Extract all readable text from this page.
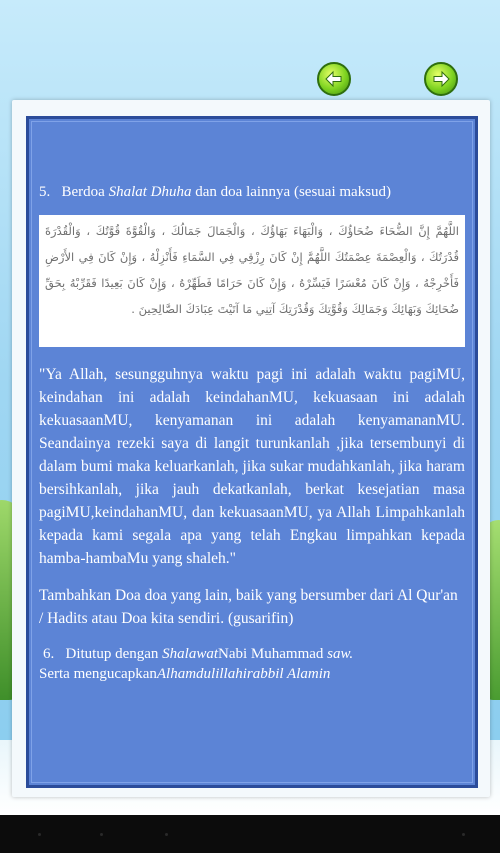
5. Berdoa Shalat Dhuha dan doa lainnya (sesuai maksud)

اللَّهُمَّ إِنَّ الضُّحَاءَ ضُحَاؤُكَ ، وَالْبَهَاءَ بَهَاؤُكَ ، وَالْجَمَالَ جَمَالُكَ ، وَالْقُوَّةَ قُوَّتُكَ ، وَالْقُدْرَةَ قُدْرَتُكَ ، وَالْعِصْمَةَ عِصْمَتُكَ اللَّهُمَّ إِنْ كَانَ رِزْقِي فِي السَّمَاءِ فَأَنْزِلْهُ ، وَإِنْ كَانَ فِي الأَرْضِ فَأَخْرِجْهُ ، وَإِنْ كَانَ مُعْسَرًا فَيَسِّرْهُ ، وَإِنْ كَانَ حَرَامًا فَطَهِّرْهُ ، وَإِنْ كَانَ بَعِيدًا فَقَرِّبْهُ بِحَقِّ ضُحَائِكَ وَبَهَائِكَ وَجَمَالِكَ وَقُوَّتِكَ وَقُدْرَتِكَ آتِنِي مَا آتَيْتَ عِبَادَكَ الصَّالِحِينَ .

"Ya Allah, sesungguhnya waktu pagi ini adalah waktu pagiMU, keindahan ini adalah keindahanMU, kekuasaan ini adalah kekuasaanMU, kenyamanan ini adalah kenyamananMU. Seandainya rezeki saya di langit turunkanlah ,jika tersembunyi di dalam bumi maka keluarkanlah, jika sukar mudahkanlah, jika haram bersihkanlah, jika jauh dekatkanlah, berkat kesejatian masa pagiMU,keindahanMU, dan kekuasaanMU, ya Allah Limpahkanlah kepada kami segala apa yang telah Engkau limpahkan kepada hamba-hambaMu yang shaleh."

Tambahkan Doa doa yang lain, baik yang bersumber dari Al Qur'an / Hadits atau Doa kita sendiri. (gusarifin)

6. Ditutup dengan ShalawatNabi Muhammad saw.
Serta mengucapkanAlhamdulillahirabbil Alamin
